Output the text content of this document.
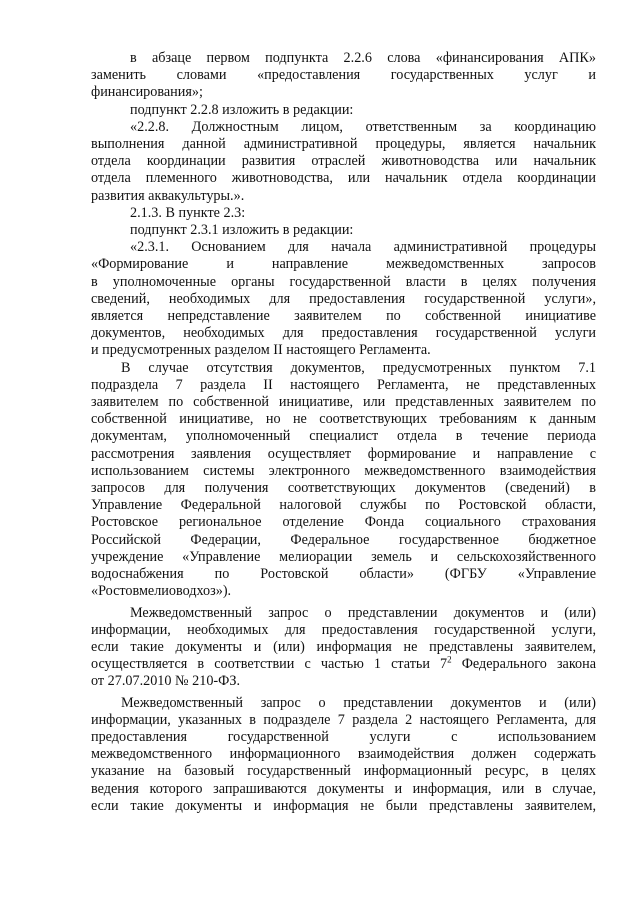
в абзаце первом подпункта 2.2.6 слова «финансирования АПК»

заменить словами «предоставления государственных услуг и

финансирования»;

подпункт 2.2.8 изложить в редакции:

«2.2.8. Должностным лицом, ответственным за координацию

выполнения данной административной процедуры, является начальник

отдела координации развития отраслей животноводства или начальник

отдела племенного животноводства, или начальник отдела координации

развития аквакультуры.».

2.1.3. В пункте 2.3:

подпункт 2.3.1 изложить в редакции:

«2.3.1. Основанием для начала административной процедуры

«Формирование и направление межведомственных запросов

в уполномоченные органы государственной власти в целях получения

сведений, необходимых для предоставления государственной услуги»,

является непредставление заявителем по собственной инициативе

документов, необходимых для предоставления государственной услуги

и предусмотренных разделом II настоящего Регламента.

В случае отсутствия документов, предусмотренных пунктом 7.1

подраздела 7 раздела II настоящего Регламента, не представленных

заявителем по собственной инициативе, или представленных заявителем по

собственной инициативе, но не соответствующих требованиям к данным

документам, уполномоченный специалист отдела в течение периода

рассмотрения заявления осуществляет формирование и направление с

использованием системы электронного межведомственного взаимодействия

запросов для получения соответствующих документов (сведений) в

Управление Федеральной налоговой службы по Ростовской области,

Ростовское региональное отделение Фонда социального страхования

Российской Федерации, Федеральное государственное бюджетное

учреждение «Управление мелиорации земель и сельскохозяйственного

водоснабжения по Ростовской области» (ФГБУ «Управление

«Ростовмелиоводхоз»).

Межведомственный запрос о представлении документов и (или)

информации, необходимых для предоставления государственной услуги,

если такие документы и (или) информация не представлены заявителем,

осуществляется в соответствии с частью 1 статьи $7^2$ Федерального закона

от 27.07.2010 № 210-ФЗ.

Межведомственный запрос о представлении документов и (или)

информации, указанных в подразделе 7 раздела 2 настоящего Регламента, для

предоставления государственной услуги с использованием

межведомственного информационного взаимодействия должен содержать

указание на базовый государственный информационный ресурс, в целях

ведения которого запрашиваются документы и информация, или в случае,

если такие документы и информация не были представлены заявителем,
